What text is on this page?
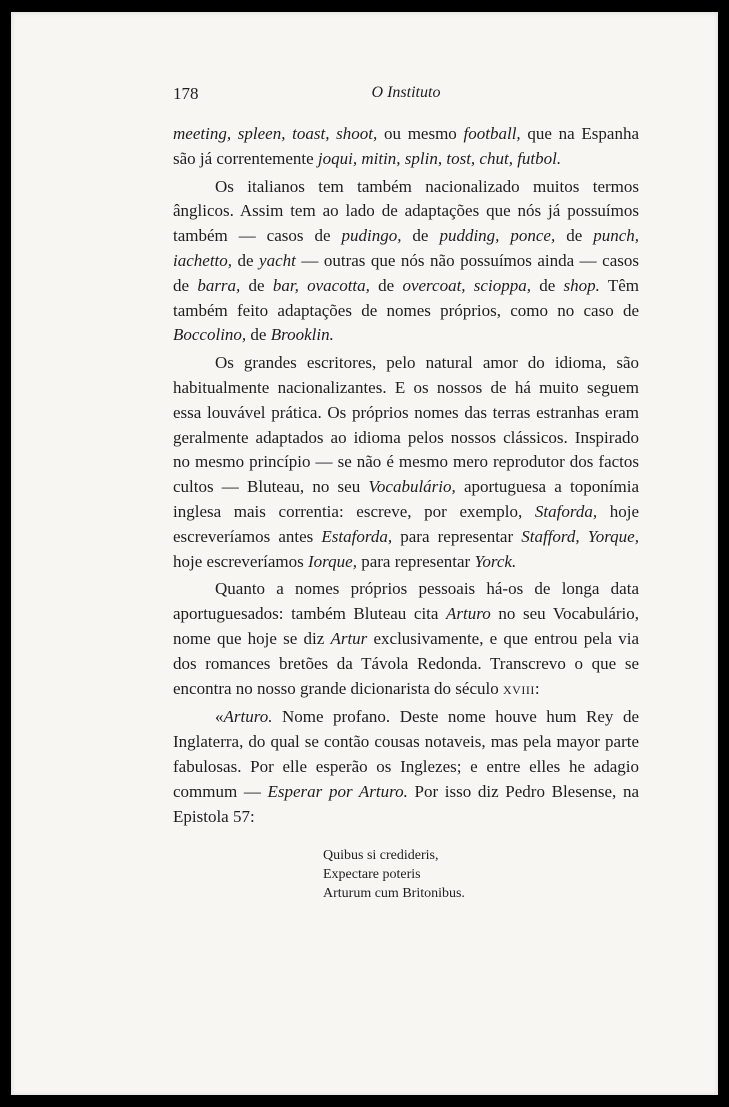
178	O Instituto

meeting, spleen, toast, shoot, ou mesmo football, que na Espanha são já correntemente joqui, mitin, splin, tost, chut, futbol.

Os italianos tem também nacionalizado muitos termos ânglicos. Assim tem ao lado de adaptações que nós já possuímos também — casos de pudingo, de pudding, ponce, de punch, iachetto, de yacht — outras que nós não possuímos ainda — casos de barra, de bar, ovacotta, de overcoat, scioppa, de shop. Têm também feito adaptações de nomes próprios, como no caso de Boccolino, de Brooklin.

Os grandes escritores, pelo natural amor do idioma, são habitualmente nacionalizantes. E os nossos de há muito seguem essa louvável prática. Os próprios nomes das terras estranhas eram geralmente adaptados ao idioma pelos nossos clássicos. Inspirado no mesmo princípio — se não é mesmo mero reprodutor dos factos cultos — Bluteau, no seu Vocabulário, aportuguesa a toponímia inglesa mais correntia: escreve, por exemplo, Staforda, hoje escreveríamos antes Estaforda, para representar Stafford, Yorque, hoje escreveríamos Iorque, para representar Yorck.

Quanto a nomes próprios pessoais há-os de longa data aportuguesados: também Bluteau cita Arturo no seu Vocabulário, nome que hoje se diz Artur exclusivamente, e que entrou pela via dos romances bretões da Távola Redonda. Transcrevo o que se encontra no nosso grande dicionarista do século XVIII:

«Arturo. Nome profano. Deste nome houve hum Rey de Inglaterra, do qual se contão cousas notaveis, mas pela mayor parte fabulosas. Por elle esperão os Inglezes; e entre elles he adagio commum — Esperar por Arturo. Por isso diz Pedro Blesense, na Epistola 57:

Quibus si credideris,
Expectare poteris
Arturum cum Britonibus.
